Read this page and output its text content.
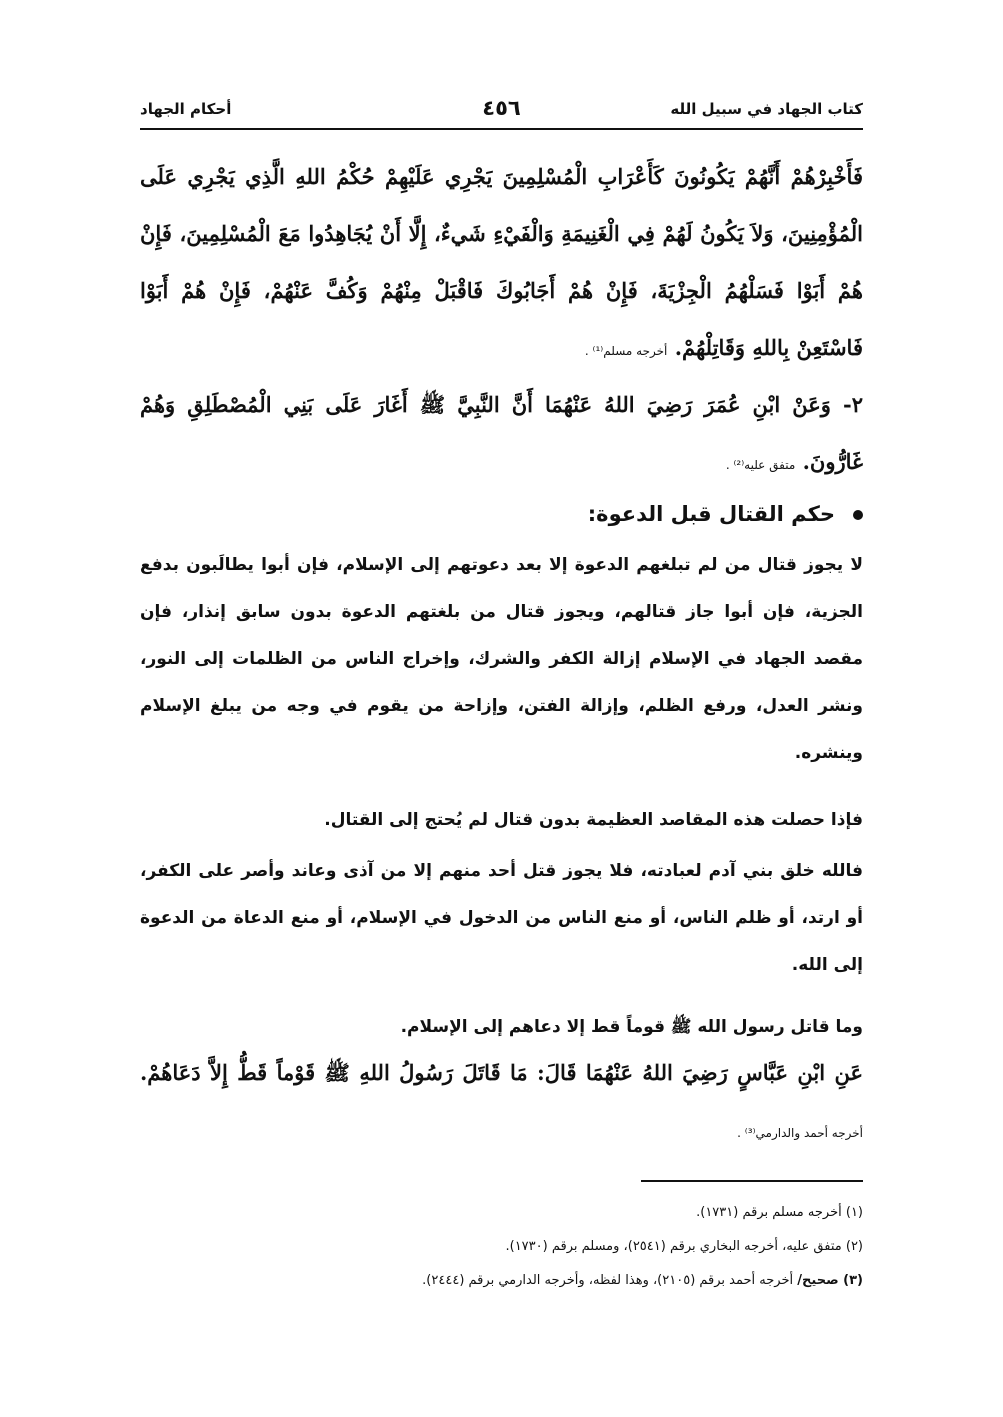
كتاب الجهاد في سبيل الله
٤٥٦
أحكام الجهاد
فَأَخْبِرْهُمْ أَنَّهُمْ يَكُونُونَ كَأَعْرَابِ الْمُسْلِمِينَ يَجْرِي عَلَيْهِمْ حُكْمُ اللهِ الَّذِي يَجْرِي عَلَى الْمُؤْمِنِينَ، وَلاَ يَكُونُ لَهُمْ فِي الْغَنِيمَةِ وَالْفَيْءِ شَيءٌ، إِلَّا أَنْ يُجَاهِدُوا مَعَ الْمُسْلِمِينَ، فَإِنْ هُمْ أَبَوْا فَسَلْهُمُ الْجِزْيَةَ، فَإِنْ هُمْ أَجَابُوكَ فَاقْبَلْ مِنْهُمْ وَكُفَّ عَنْهُمْ، فَإِنْ هُمْ أَبَوْا فَاسْتَعِنْ بِاللهِ وَقَاتِلْهُمْ. أخرجه مسلم⁽¹⁾ .
٢- وَعَنْ ابْنِ عُمَرَ رَضِيَ اللهُ عَنْهُمَا أَنَّ النَّبِيَّ ﷺ أَغَارَ عَلَى بَنِي الْمُصْطَلِقِ وَهُمْ غَارُّونَ. متفق عليه⁽²⁾ .
حكم القتال قبل الدعوة:
لا يجوز قتال من لم تبلغهم الدعوة إلا بعد دعوتهم إلى الإسلام، فإن أبوا يطالَبون بدفع الجزية، فإن أبوا جاز قتالهم، ويجوز قتال من بلغتهم الدعوة بدون سابق إنذار، فإن مقصد الجهاد في الإسلام إزالة الكفر والشرك، وإخراج الناس من الظلمات إلى النور، ونشر العدل، ورفع الظلم، وإزالة الفتن، وإزاحة من يقوم في وجه من يبلغ الإسلام وينشره.
فإذا حصلت هذه المقاصد العظيمة بدون قتال لم يُحتج إلى القتال.
فالله خلق بني آدم لعبادته، فلا يجوز قتل أحد منهم إلا من آذى وعاند وأصر على الكفر، أو ارتد، أو ظلم الناس، أو منع الناس من الدخول في الإسلام، أو منع الدعاة من الدعوة إلى الله.
وما قاتل رسول الله ﷺ قوماً قط إلا دعاهم إلى الإسلام.
عَنِ ابْنِ عَبَّاسٍ رَضِيَ اللهُ عَنْهُمَا قَالَ: مَا قَاتَلَ رَسُولُ اللهِ ﷺ قَوْماً قَطُّ إِلاَّ دَعَاهُمْ. أخرجه أحمد والدارمي⁽³⁾ .
(١) أخرجه مسلم برقم (١٧٣١).
(٢) متفق عليه، أخرجه البخاري برقم (٢٥٤١)، ومسلم برقم (١٧٣٠).
(٣) صحيح/ أخرجه أحمد برقم (٢١٠٥)، وهذا لفظه، وأخرجه الدارمي برقم (٢٤٤٤).
